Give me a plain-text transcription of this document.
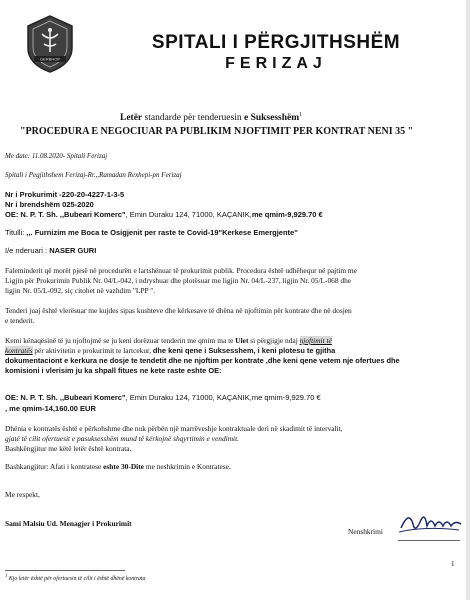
GERBHOP
SPITALI I PËRGJITHSHËM
FERIZAJ
Letër standarde për tenderuesin e Suksesshëm$^1$
"PROCEDURA E NEGOCIUAR PA PUBLIKIM NJOFTIMIT PER KONTRAT NENI 35 "
Me date: 11.08.2020- Spitali Ferizaj
Spitali i Pegjithshem Ferizaj-Rr.,,Ramadan Rexhepi-pn Ferizaj
Nr i Prokurimit -220-20-4227-1-3-5
Nr i brendshëm 025-2020
OE: N. P. T. Sh. ,,Bubeari Komerc", Emin Duraku 124, 71000, KAÇANIK,me qmim-9,929.70 €
Titulli: ,,. Furnizim me Boca te Osigjenit per raste te Covid-19"Kerkese Emergjente"
I/e nderuari : NASER GURI
Faleminderit që morët pjesë në procedurën e lartshënuar të prokurimit publik. Procedura është udhëhequr në pajtim me
Ligjin për Prokurimin Publik Nr. 04/L-042, i ndryshuar dhe plotësuar me ligjin Nr. 04/L-237, ligjin Nr. 05/L-068 dhe
ligjin Nr. 05/L-092, siç citohet në vazhdim "LPP ".
Tenderi juaj është vlerësuar me kujdes sipas kushteve dhe kërkesave të dhëna në njoftimin për kontrate dhe në dosjen
e tenderit.
Kemi kënaqësinë të ju njoftojmë se ju keni dorëzuar tenderin me qmim ma te Ulet si përgjigje ndaj njoftimit të
kontratës për aktivitetin e prokurimit te lartcekur, dhe keni qene i Suksesshem, i keni plotesu te gjitha
dokumentaciont e kerkura ne dosje te tendetit dhe ne njoftim per kontrate ,dhe keni qene vetem nje ofertues dhe
komisioni i vlerisim ju ka shpall fitues ne kete raste eshte OE:
OE: N. P. T. Sh. ,,Bubeari Komerc", Emin Duraku 124, 71000, KAÇANIK,me qmim-9,929.70 €
, me qmim-14,160.00 EUR
Dhënia e kontratës është e përkohshme dhe nuk përbën një marrëveshje kontraktuale deri në skadimit të intervalit,
gjatë të cilit ofertuesit e pasuksesshëm mund të kërkojnë shqyrtimin e vendimit.
Bashkëngjitur me këtë letër është kontrata.
Bashkangjitur: Afati i kontratese eshte 30-Dite me neshkrimin e Kontratese.
Me respekt,
Sami Malsiu Ud. Menagjer i Prokurimit
Nenshkrimi
$^1$ Kjo letër është për ofertuesin të cilit i është dhënë kontrata
1
